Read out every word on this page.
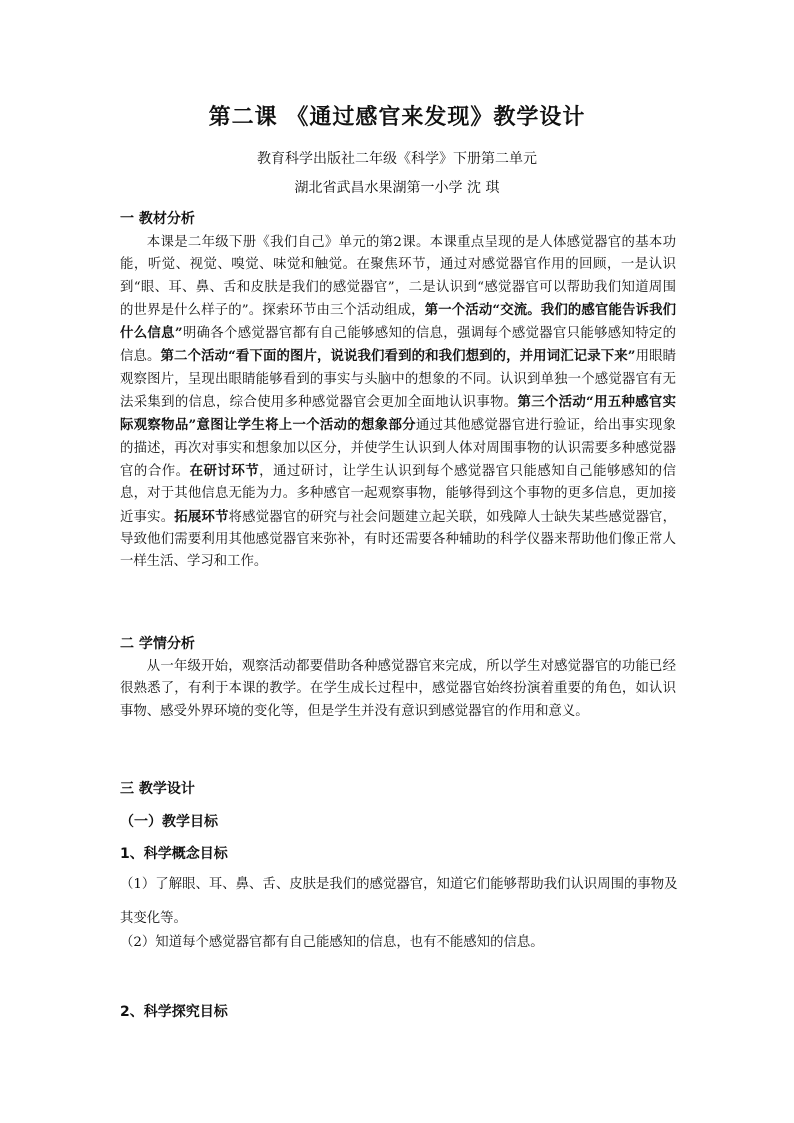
第二课 《通过感官来发现》教学设计
教育科学出版社二年级《科学》下册第二单元
湖北省武昌水果湖第一小学 沈 琪
一 教材分析

本课是二年级下册《我们自己》单元的第2课。本课重点呈现的是人体感觉器官的基本功能，听觉、视觉、嗅觉、味觉和触觉。在聚焦环节，通过对感觉器官作用的回顾，一是认识到“眼、耳、鼻、舌和皮肤是我们的感觉器官”，二是认识到“感觉器官可以帮助我们知道周围的世界是什么样子的”。探索环节由三个活动组成，第一个活动“交流。我们的感官能告诉我们什么信息”明确各个感觉器官都有自己能够感知的信息，强调每个感觉器官只能够感知特定的信息。第二个活动“看下面的图片，说说我们看到的和我们想到的，并用词汇记录下来”用眼睛观察图片，呈现出眼睛能够看到的事实与头脑中的想象的不同。认识到单独一个感觉器官有无法采集到的信息，综合使用多种感觉器官会更加全面地认识事物。第三个活动“用五种感官实际观察物品”意图让学生将上一个活动的想象部分通过其他感觉器官进行验证，给出事实现象的描述，再次对事实和想象加以区分，并使学生认识到人体对周围事物的认识需要多种感觉器官的合作。在研讨环节，通过研讨，让学生认识到每个感觉器官只能感知自己能够感知的信息，对于其他信息无能为力。多种感官一起观察事物，能够得到这个事物的更多信息，更加接近事实。拓展环节将感觉器官的研究与社会问题建立起关联，如残障人士缺失某些感觉器官，导致他们需要利用其他感觉器官来弥补，有时还需要各种辅助的科学仪器来帮助他们像正常人一样生活、学习和工作。

二 学情分析

从一年级开始，观察活动都要借助各种感觉器官来完成，所以学生对感觉器官的功能已经很熟悉了，有利于本课的教学。在学生成长过程中，感觉器官始终扮演着重要的角色，如认识事物、感受外界环境的变化等，但是学生并没有意识到感觉器官的作用和意义。

三 教学设计
（一）教学目标
1、科学概念目标

（1）了解眼、耳、鼻、舌、皮肤是我们的感觉器官，知道它们能够帮助我们认识周围的事物及其变化等。

（2）知道每个感觉器官都有自己能感知的信息，也有不能感知的信息。

2、科学探究目标
